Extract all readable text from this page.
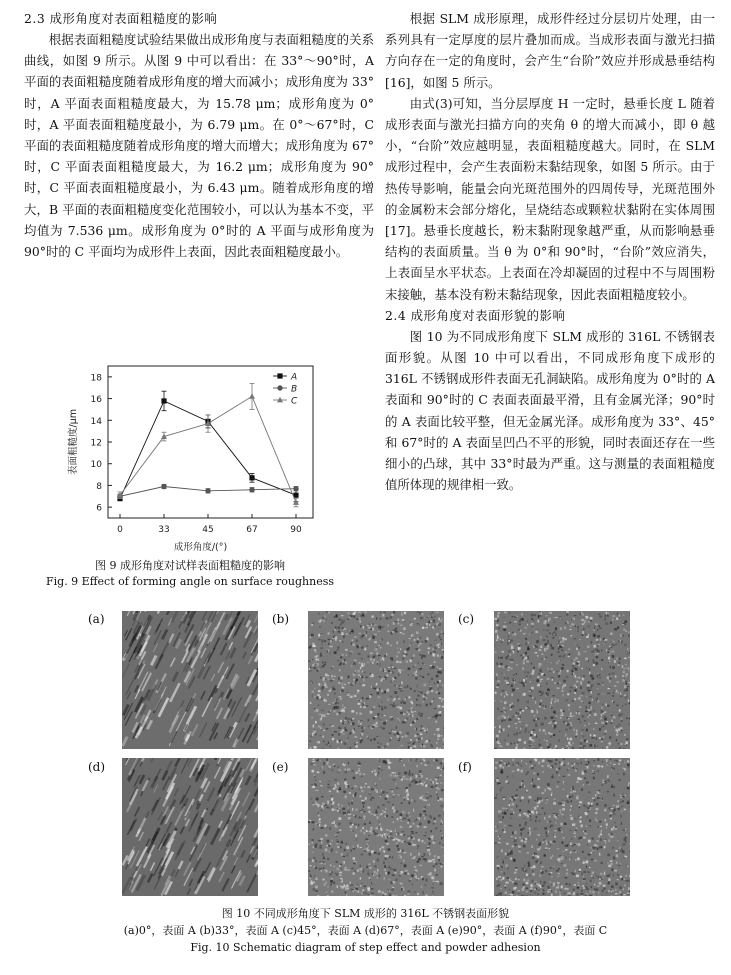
2.3 成形角度对表面粗糙度的影响

根据表面粗糙度试验结果做出成形角度与表面粗糙度的关系曲线，如图 9 所示。从图 9 中可以看出：在 33°～90°时，A 平面的表面粗糙度随着成形角度的增大而减小；成形角度为 33°时，A 平面表面粗糙度最大，为 15.78 μm；成形角度为 0°时，A 平面表面粗糙度最小，为 6.79 μm。在 0°～67°时，C 平面的表面粗糙度随着成形角度的增大而增大；成形角度为 67°时，C 平面表面粗糙度最大，为 16.2 μm；成形角度为 90°时，C 平面表面粗糙度最小，为 6.43 μm。随着成形角度的增大，B 平面的表面粗糙度变化范围较小，可以认为基本不变，平均值为 7.536 μm。成形角度为 0°时的 A 平面与成形角度为 90°时的 C 平面均为成形件上表面，因此表面粗糙度最小。

根据 SLM 成形原理，成形件经过分层切片处理，由一系列具有一定厚度的层片叠加而成。当成形表面与激光扫描方向存在一定的角度时，会产生“台阶”效应并形成悬垂结构[16]，如图 5 所示。

由式(3)可知，当分层厚度 H 一定时，悬垂长度 L 随着成形表面与激光扫描方向的夹角 θ 的增大而减小，即 θ 越小，“台阶”效应越明显，表面粗糙度越大。同时，在 SLM 成形过程中，会产生表面粉末黏结现象，如图 5 所示。由于热传导影响，能量会向光斑范围外的四周传导，光斑范围外的金属粉末会部分熔化，呈烧结态或颗粒状黏附在实体周围[17]。悬垂长度越长，粉末黏附现象越严重，从而影响悬垂结构的表面质量。当 θ 为 0°和 90°时，“台阶”效应消失，上表面呈水平状态。上表面在冷却凝固的过程中不与周围粉末接触，基本没有粉末黏结现象，因此表面粗糙度较小。

2.4 成形角度对表面形貌的影响

图 10 为不同成形角度下 SLM 成形的 316L 不锈钢表面形貌。从图 10 中可以看出，不同成形角度下成形的 316L 不锈钢成形件表面无孔洞缺陷。成形角度为 0°时的 A 表面和 90°时的 C 表面表面最平滑，且有金属光泽；90°时的 A 表面比较平整，但无金属光泽。成形角度为 33°、45°和 67°时的 A 表面呈凹凸不平的形貌，同时表面还存在一些细小的凸球，其中 33°时最为严重。这与测量的表面粗糙度值所体现的规律相一致。

6
8
10
12
14
16
18
0	33	45	67	90
成形角度/(°)
表面粗糙度/μm
A
B
C
图 9 成形角度对试样表面粗糙度的影响
Fig. 9 Effect of forming angle on surface roughness
(a)	(b)	(c)
(d)	(e)	(f)
图 10 不同成形角度下 SLM 成形的 316L 不锈钢表面形貌
(a)0°，表面 A (b)33°，表面 A (c)45°，表面 A (d)67°，表面 A (e)90°，表面 A (f)90°，表面 C
Fig. 10 Schematic diagram of step effect and powder adhesion
